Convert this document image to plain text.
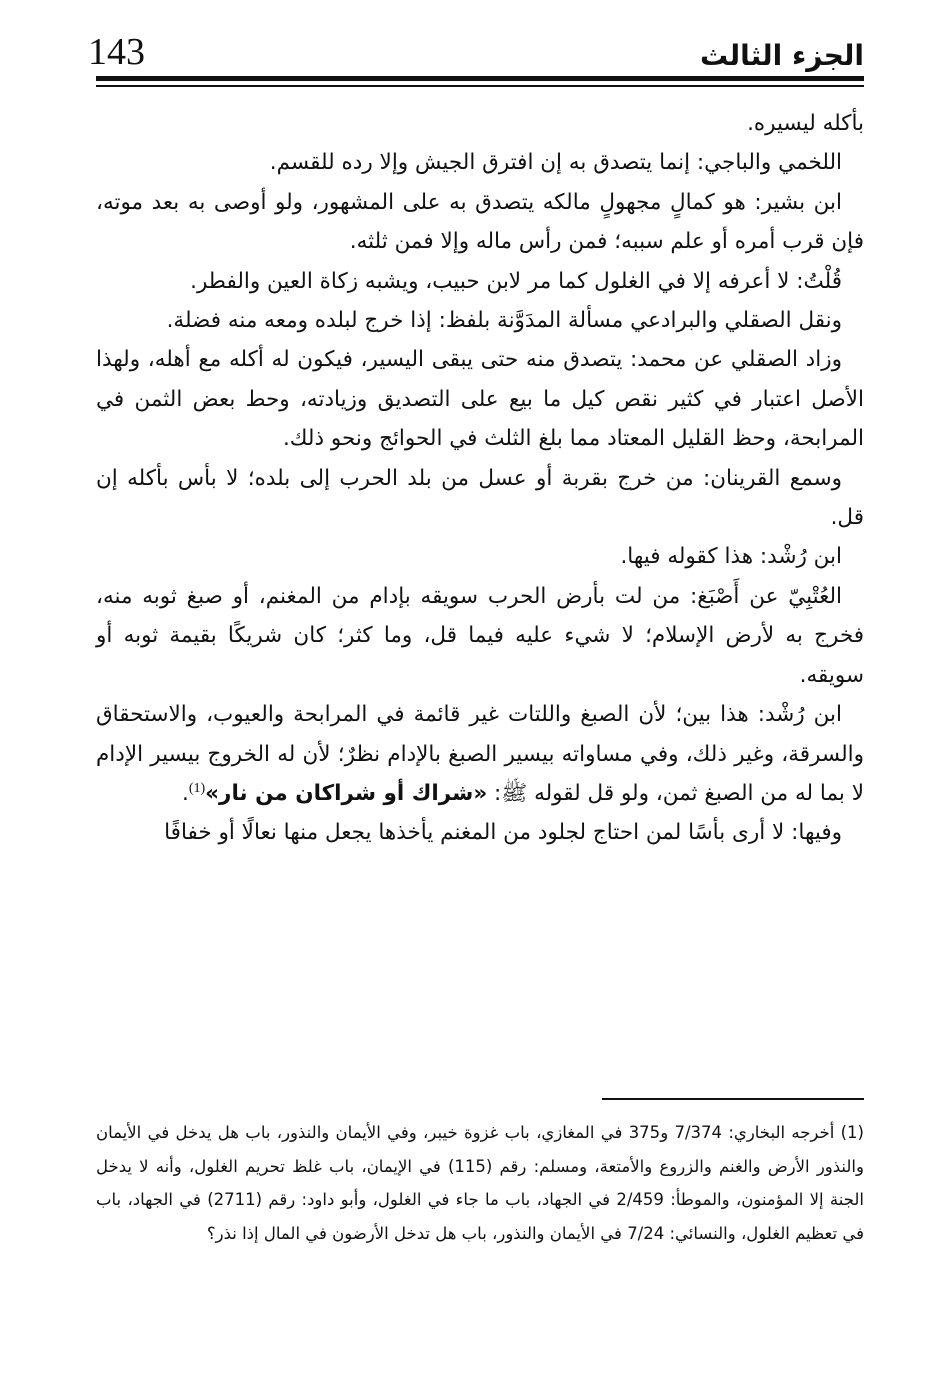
143	الجزء الثالث

بأكله ليسيره.

اللخمي والباجي: إنما يتصدق به إن افترق الجيش وإلا رده للقسم.

ابن بشير: هو كمالٍ مجهولٍ مالكه يتصدق به على المشهور، ولو أوصى به بعد موته، فإن قرب أمره أو علم سببه؛ فمن رأس ماله وإلا فمن ثلثه.

قُلْتُ: لا أعرفه إلا في الغلول كما مر لابن حبيب، ويشبه زكاة العين والفطر.

ونقل الصقلي والبرادعي مسألة المدَوَّنة بلفظ: إذا خرج لبلده ومعه منه فضلة.

وزاد الصقلي عن محمد: يتصدق منه حتى يبقى اليسير، فيكون له أكله مع أهله، ولهذا الأصل اعتبار في كثير نقص كيل ما بيع على التصديق وزيادته، وحط بعض الثمن في المرابحة، وحظ القليل المعتاد مما بلغ الثلث في الحوائج ونحو ذلك.

وسمع القرينان: من خرج بقربة أو عسل من بلد الحرب إلى بلده؛ لا بأس بأكله إن قل.

ابن رُشْد: هذا كقوله فيها.

العُتْبِيّ عن أَصْبَغ: من لت بأرض الحرب سويقه بإدام من المغنم، أو صبغ ثوبه منه، فخرج به لأرض الإسلام؛ لا شيء عليه فيما قل، وما كثر؛ كان شريكًا بقيمة ثوبه أو سويقه.

ابن رُشْد: هذا بين؛ لأن الصبغ واللتات غير قائمة في المرابحة والعيوب، والاستحقاق والسرقة، وغير ذلك، وفي مساواته بيسير الصبغ بالإدام نظرٌ؛ لأن له الخروج بيسير الإدام لا بما له من الصبغ ثمن، ولو قل لقوله ﷺ: «شراك أو شراكان من نار»$^{(1)}$.

وفيها: لا أرى بأسًا لمن احتاج لجلود من المغنم يأخذها يجعل منها نعالًا أو خفافًا

(1) أخرجه البخاري: 7/374 و375 في المغازي، باب غزوة خيبر، وفي الأيمان والنذور، باب هل يدخل في الأيمان والنذور الأرض والغنم والزروع والأمتعة، ومسلم: رقم (115) في الإيمان، باب غلظ تحريم الغلول، وأنه لا يدخل الجنة إلا المؤمنون، والموطأ: 2/459 في الجهاد، باب ما جاء في الغلول، وأبو داود: رقم (2711) في الجهاد، باب في تعظيم الغلول، والنسائي: 7/24 في الأيمان والنذور، باب هل تدخل الأرضون في المال إذا نذر؟
